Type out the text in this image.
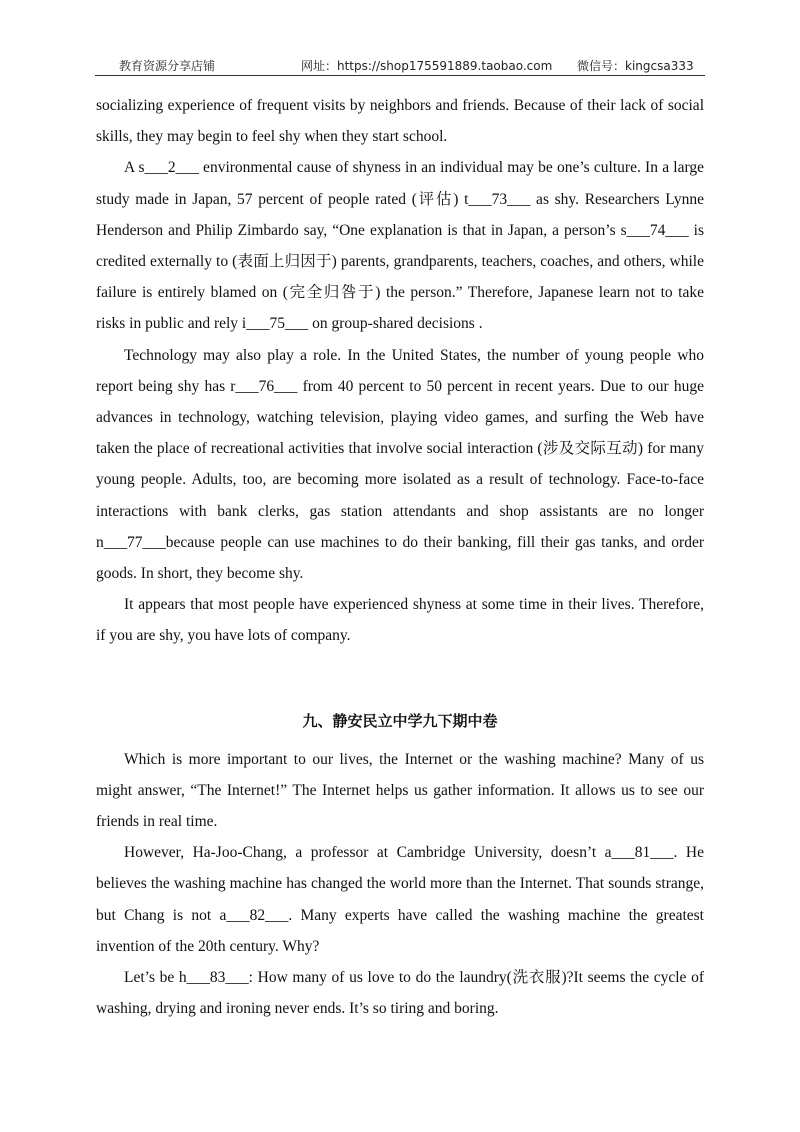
教育资源分享店铺	网址：https://shop175591889.taobao.com 微信号：kingcsa333

socializing experience of frequent visits by neighbors and friends. Because of their lack of social skills, they may begin to feel shy when they start school.

A s___2___ environmental cause of shyness in an individual may be one’s culture. In a large study made in Japan, 57 percent of people rated (评估) t___73___ as shy. Researchers Lynne Henderson and Philip Zimbardo say, “One explanation is that in Japan, a person’s s___74___ is credited externally to (表面上归因于) parents, grandparents, teachers, coaches, and others, while failure is entirely blamed on (完全归咎于) the person.” Therefore, Japanese learn not to take risks in public and rely i___75___ on group-shared decisions .

Technology may also play a role. In the United States, the number of young people who report being shy has r___76___ from 40 percent to 50 percent in recent years. Due to our huge advances in technology, watching television, playing video games, and surfing the Web have taken the place of recreational activities that involve social interaction (涉及交际互动) for many young people. Adults, too, are becoming more isolated as a result of technology. Face-to-face interactions with bank clerks, gas station attendants and shop assistants are no longer n___77___because people can use machines to do their banking, fill their gas tanks, and order goods. In short, they become shy.

It appears that most people have experienced shyness at some time in their lives. Therefore, if you are shy, you have lots of company.

九、静安民立中学九下期中卷

Which is more important to our lives, the Internet or the washing machine? Many of us might answer, “The Internet!” The Internet helps us gather information. It allows us to see our friends in real time.

However, Ha-Joo-Chang, a professor at Cambridge University, doesn’t a___81___. He believes the washing machine has changed the world more than the Internet. That sounds strange, but Chang is not a___82___. Many experts have called the washing machine the greatest invention of the 20th century. Why?

Let’s be h___83___: How many of us love to do the laundry(洗衣服)?It seems the cycle of washing, drying and ironing never ends. It’s so tiring and boring.
